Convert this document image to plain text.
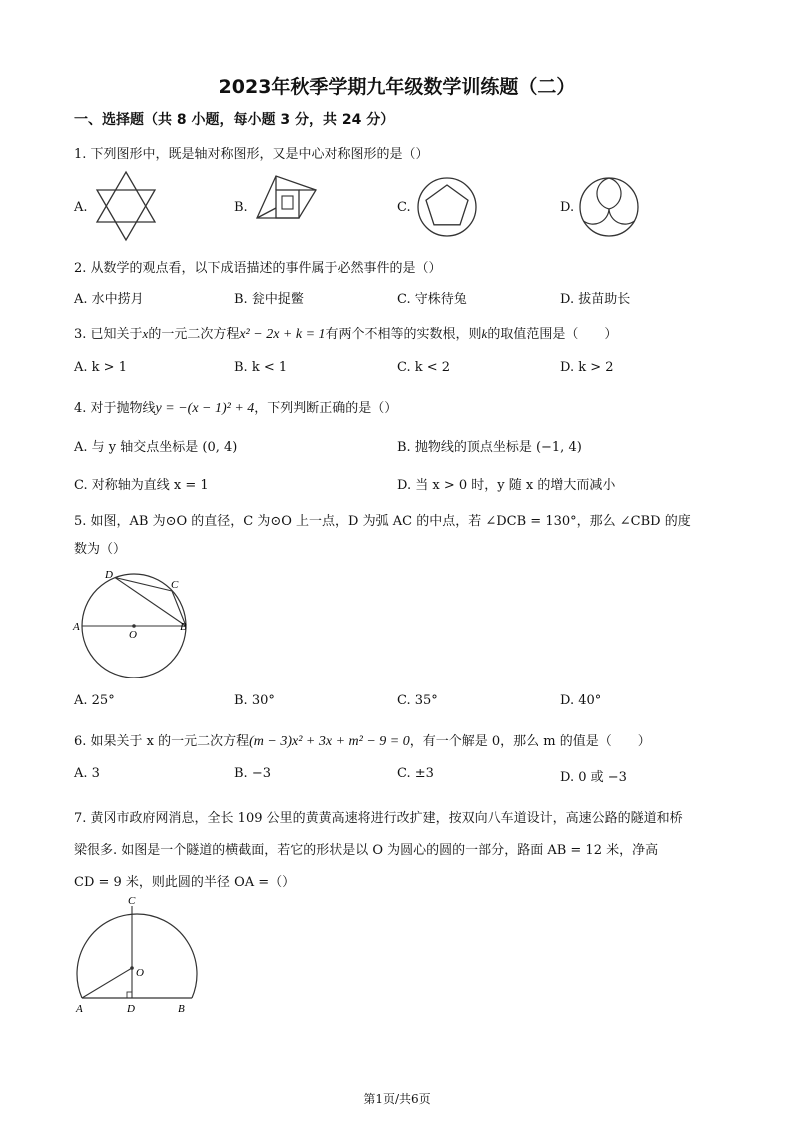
2023年秋季学期九年级数学训练题（二）
一、选择题（共 8 小题，每小题 3 分，共 24 分）
1. 下列图形中，既是轴对称图形，又是中心对称图形的是（）
A.	B.	C.	D.
2. 从数学的观点看，以下成语描述的事件属于必然事件的是（）
A. 水中捞月	B. 瓮中捉鳖	C. 守株待兔	D. 拔苗助长
3. 已知关于x的一元二次方程x² − 2x + k = 1有两个不相等的实数根，则k的取值范围是（　　）
A. k > 1	B. k < 1	C. k < 2	D. k > 2
4. 对于抛物线y = −(x − 1)² + 4，下列判断正确的是（）
A. 与 y 轴交点坐标是 (0, 4)	B. 抛物线的顶点坐标是 (−1, 4)
C. 对称轴为直线 x = 1	D. 当 x > 0 时，y 随 x 的增大而减小
5. 如图，AB 为⊙O 的直径，C 为⊙O 上一点，D 为弧 AC 的中点，若 ∠DCB = 130°，那么 ∠CBD 的度
数为（）
A	B
C
D
O
A. 25°	B. 30°	C. 35°	D. 40°
6. 如果关于 x 的一元二次方程(m − 3)x² + 3x + m² − 9 = 0，有一个解是 0，那么 m 的值是（　　）
A. 3	B. −3	C. ±3	D. 0 或 −3
7. 黄冈市政府网消息，全长 109 公里的黄黄高速将进行改扩建，按双向八车道设计，高速公路的隧道和桥
梁很多. 如图是一个隧道的横截面，若它的形状是以 O 为圆心的圆的一部分，路面 AB = 12 米，净高
CD = 9 米，则此圆的半径 OA =（）
A	B
C
D
O
第1页/共6页
